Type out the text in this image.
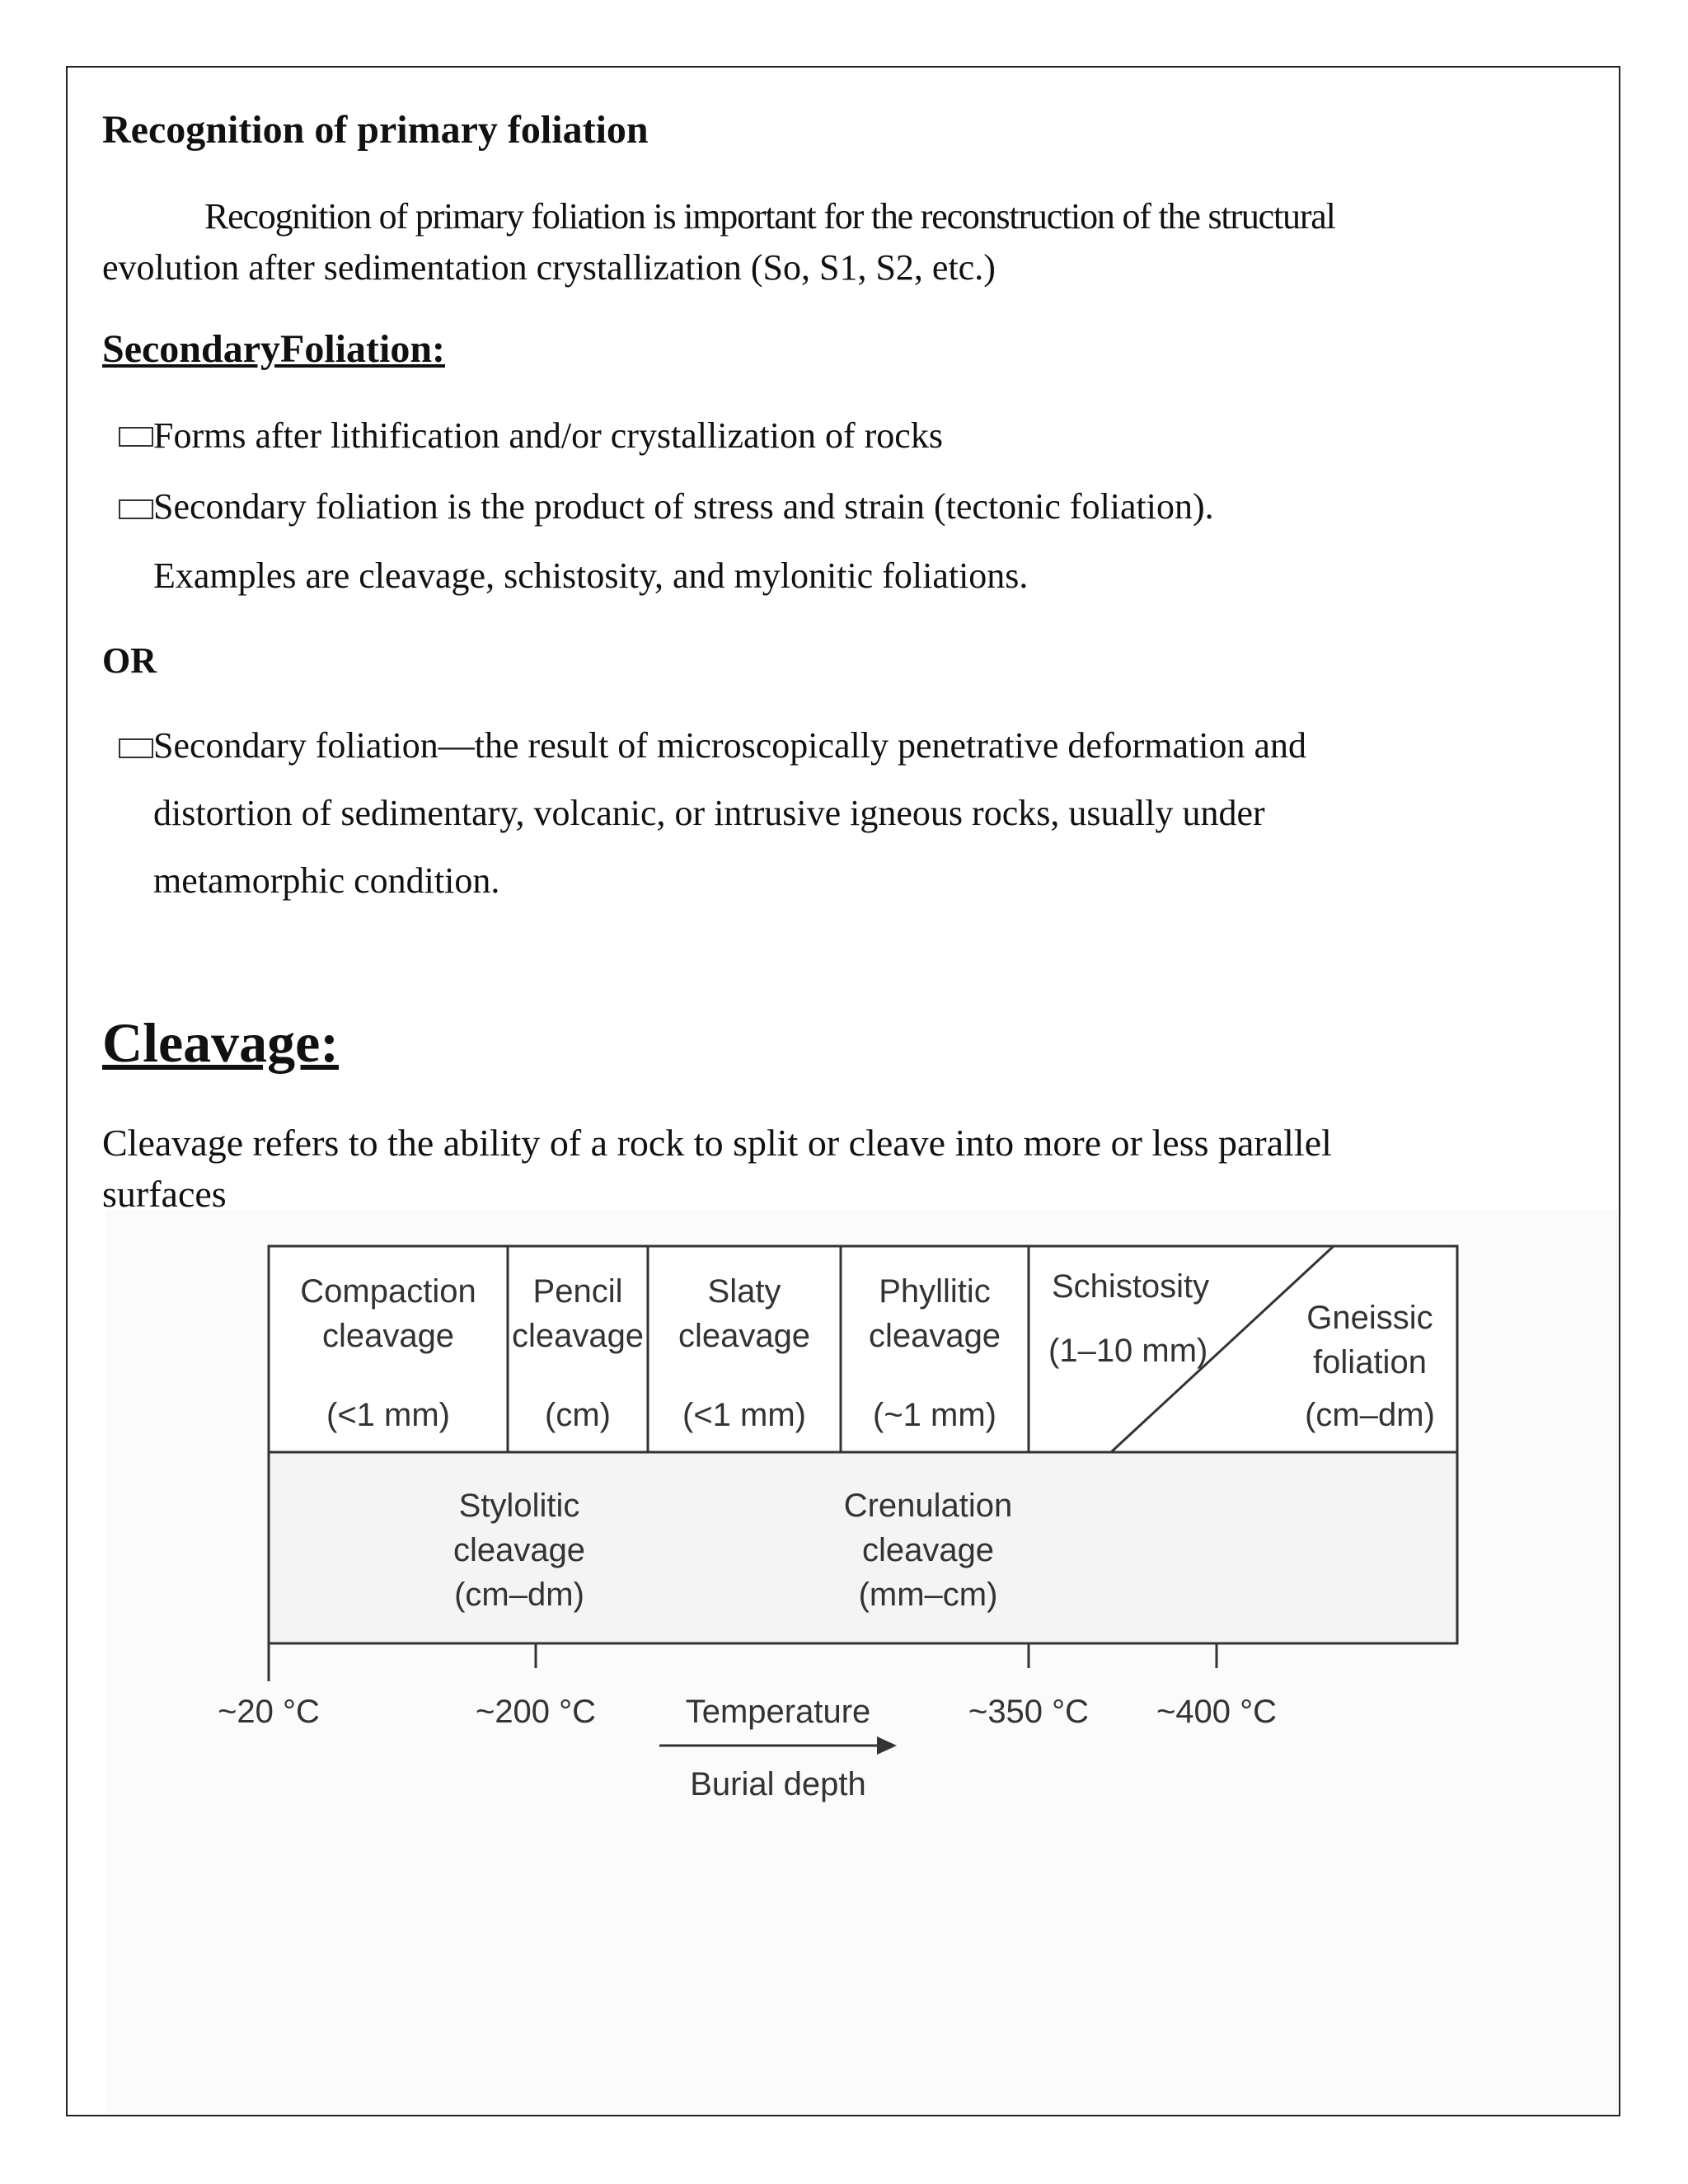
Recognition of primary foliation
Recognition of primary foliation is important for the reconstruction of the structural
evolution after sedimentation crystallization (So, S1, S2, etc.)
SecondaryFoliation:
Forms after lithification and/or crystallization of rocks
Secondary foliation is the product of stress and strain (tectonic foliation).
Examples are cleavage, schistosity, and mylonitic foliations.
OR
Secondary foliation—the result of microscopically penetrative deformation and
distortion of sedimentary, volcanic, or intrusive igneous rocks, usually under
metamorphic condition.
Cleavage:
Cleavage refers to the ability of a rock to split or cleave into more or less parallel
surfaces
Compaction
cleavage
(<1 mm)
Pencil
cleavage
(cm)
Slaty
cleavage
(<1 mm)
Phyllitic
cleavage
(~1 mm)
Schistosity
(1–10 mm)
Gneissic
foliation
(cm–dm)
Stylolitic
cleavage
(cm–dm)
Crenulation
cleavage
(mm–cm)
~20 °C	~200 °C	~350 °C ~400 °C
Temperature
Burial depth
